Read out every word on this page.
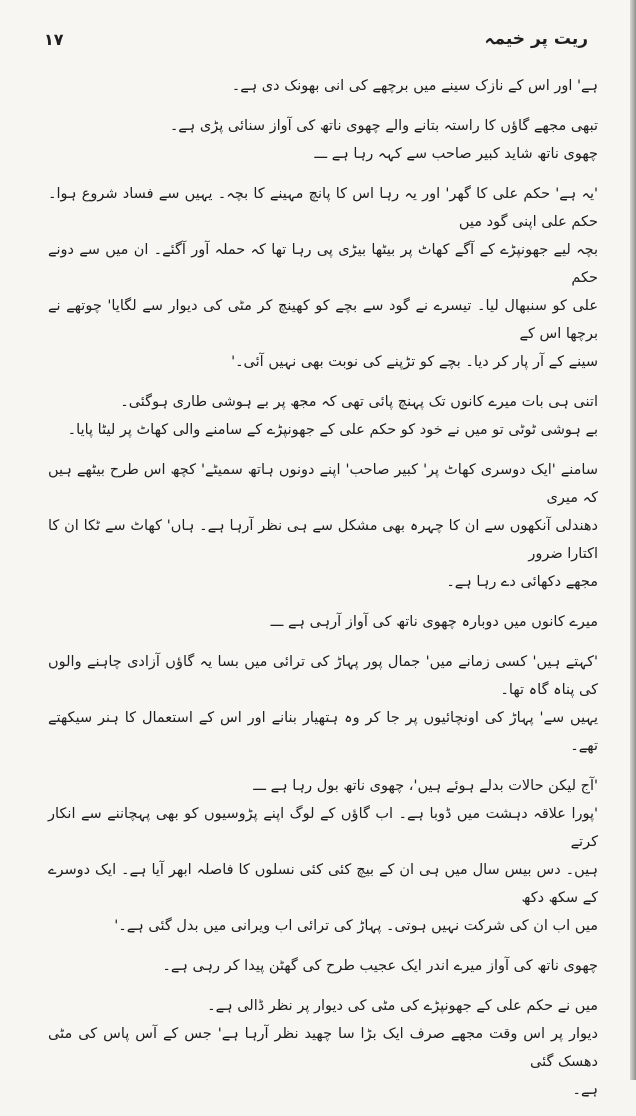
۱۷	ریت پر خیمہ

ہے' اور اس کے نازک سینے میں برچھے کی انی بھونک دی ہے۔

تبھی مجھے گاؤں کا راستہ بتانے والے چھوی ناتھ کی آواز سنائی پڑی ہے۔
چھوی ناتھ شاید کبیر صاحب سے کہہ رہا ہے ـــ

'یہ ہے' حکم علی کا گھر' اور یہ رہا اس کا پانچ مہینے کا بچہ۔ یہیں سے فساد شروع ہوا۔ حکم علی اپنی گود میں
بچہ لیے جھونپڑے کے آگے کھاٹ پر بیٹھا بیڑی پی رہا تھا کہ حملہ آور آگئے۔ ان میں سے دونے حکم
علی کو سنبھال لیا۔ تیسرے نے گود سے بچے کو کھینچ کر مٹی کی دیوار سے لگایا' چوتھے نے برچھا اس کے
سینے کے آر پار کر دیا۔ بچے کو تڑپنے کی نوبت بھی نہیں آئی۔'

اتنی ہی بات میرے کانوں تک پہنچ پائی تھی کہ مجھ پر بے ہوشی طاری ہوگئی۔
بے ہوشی ٹوٹی تو میں نے خود کو حکم علی کے جھونپڑے کے سامنے والی کھاٹ پر لیٹا پایا۔

سامنے 'ایک دوسری کھاٹ پر' کبیر صاحب' اپنے دونوں ہاتھ سمیٹے' کچھ اس طرح بیٹھے ہیں کہ میری
دھندلی آنکھوں سے ان کا چہرہ بھی مشکل سے ہی نظر آرہا ہے۔ ہاں' کھاٹ سے ٹکا ان کا اکتارا ضرور
مجھے دکھائی دے رہا ہے۔

میرے کانوں میں دوبارہ چھوی ناتھ کی آواز آرہی ہے ـــ

'کہتے ہیں' کسی زمانے میں' جمال پور پہاڑ کی ترائی میں بسا یہ گاؤں آزادی چاہنے والوں کی پناہ گاہ تھا۔
یہیں سے' پہاڑ کی اونچائیوں پر جا کر وہ ہتھیار بنانے اور اس کے استعمال کا ہنر سیکھتے تھے۔

'آج لیکن حالات بدلے ہوئے ہیں'، چھوی ناتھ بول رہا ہے ـــ
'پورا علاقہ دہشت میں ڈوبا ہے۔ اب گاؤں کے لوگ اپنے پڑوسیوں کو بھی پہچاننے سے انکار کرتے
ہیں۔ دس بیس سال میں ہی ان کے بیچ کئی کئی نسلوں کا فاصلہ ابھر آیا ہے۔ ایک دوسرے کے سکھ دکھ
میں اب ان کی شرکت نہیں ہوتی۔ پہاڑ کی ترائی اب ویرانی میں بدل گئی ہے۔'

چھوی ناتھ کی آواز میرے اندر ایک عجیب طرح کی گھٹن پیدا کر رہی ہے۔

میں نے حکم علی کے جھونپڑے کی مٹی کی دیوار پر نظر ڈالی ہے۔
دیوار پر اس وقت مجھے صرف ایک بڑا سا چھید نظر آرہا ہے' جس کے آس پاس کی مٹی دھسک گئی
ہے۔
